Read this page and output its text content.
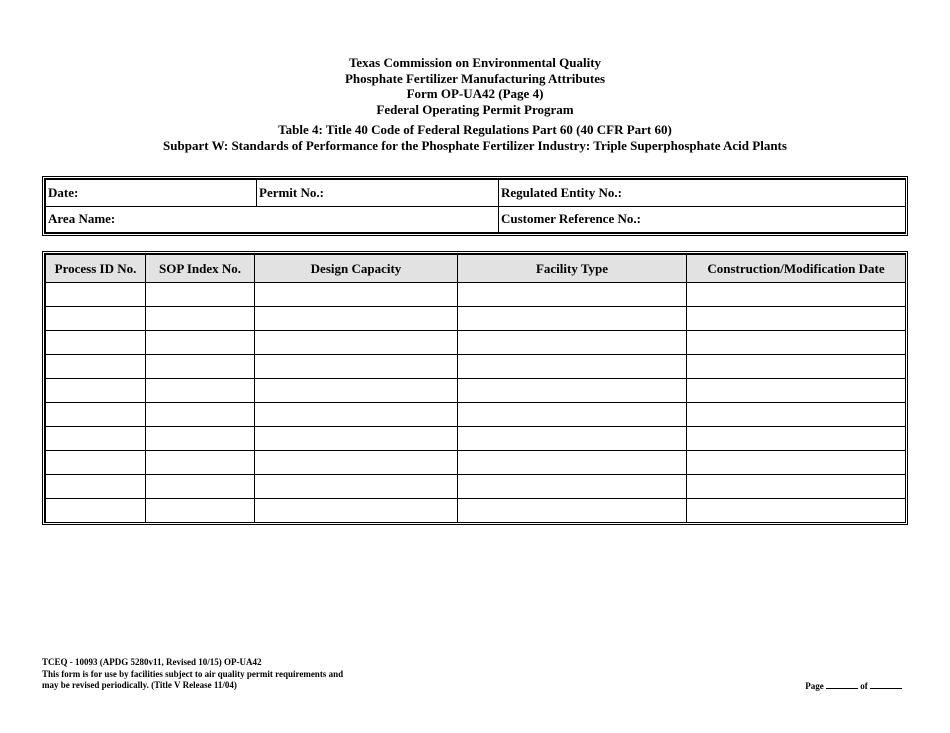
Texas Commission on Environmental Quality
Phosphate Fertilizer Manufacturing Attributes
Form OP-UA42 (Page 4)
Federal Operating Permit Program
Table 4: Title 40 Code of Federal Regulations Part 60 (40 CFR Part 60)
Subpart W: Standards of Performance for the Phosphate Fertilizer Industry: Triple Superphosphate Acid Plants
Date:	Permit No.:	Regulated Entity No.:
Area Name:		Customer Reference No.:
Process ID No.	SOP Index No.	Design Capacity	Facility Type	Construction/Modification Date

TCEQ - 10093 (APDG 5280v11, Revised 10/15) OP-UA42
This form is for use by facilities subject to air quality permit requirements and
may be revised periodically. (Title V Release 11/04)	Page	of
